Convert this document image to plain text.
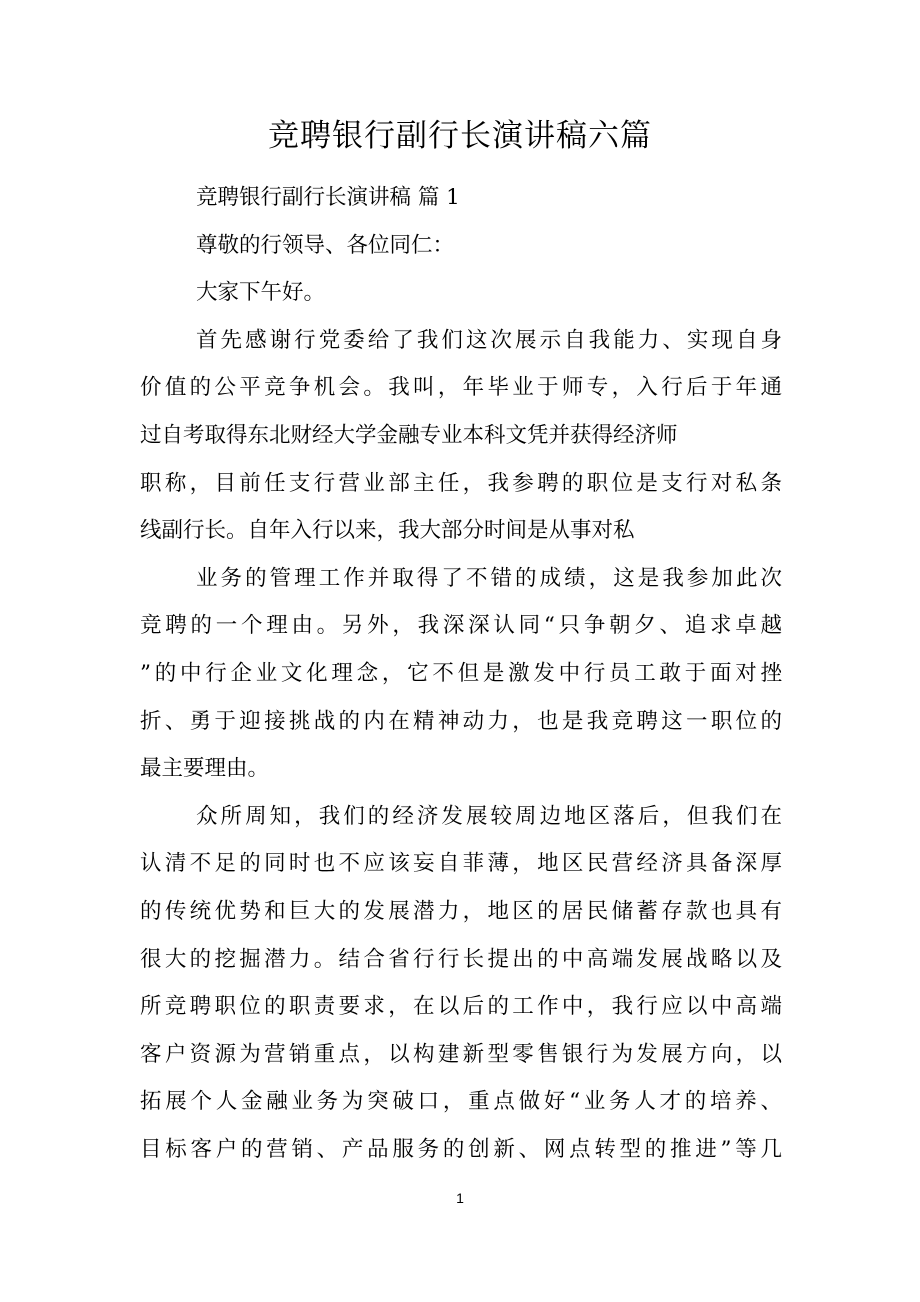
竞聘银行副行长演讲稿六篇
竞聘银行副行长演讲稿 篇 1
尊敬的行领导、各位同仁：
大家下午好。
首先感谢行党委给了我们这次展示自我能力、实现自身
价值的公平竞争机会。我叫，年毕业于师专，入行后于年通
过自考取得东北财经大学金融专业本科文凭并获得经济师
职称，目前任支行营业部主任，我参聘的职位是支行对私条
线副行长。自年入行以来，我大部分时间是从事对私
业务的管理工作并取得了不错的成绩，这是我参加此次
竞聘的一个理由。另外，我深深认同“只争朝夕、追求卓越
”的中行企业文化理念，它不但是激发中行员工敢于面对挫
折、勇于迎接挑战的内在精神动力，也是我竞聘这一职位的
最主要理由。
众所周知，我们的经济发展较周边地区落后，但我们在
认清不足的同时也不应该妄自菲薄，地区民营经济具备深厚
的传统优势和巨大的发展潜力，地区的居民储蓄存款也具有
很大的挖掘潜力。结合省行行长提出的中高端发展战略以及
所竞聘职位的职责要求，在以后的工作中，我行应以中高端
客户资源为营销重点，以构建新型零售银行为发展方向，以
拓展个人金融业务为突破口，重点做好“业务人才的培养、
目标客户的营销、产品服务的创新、网点转型的推进”等几
1
